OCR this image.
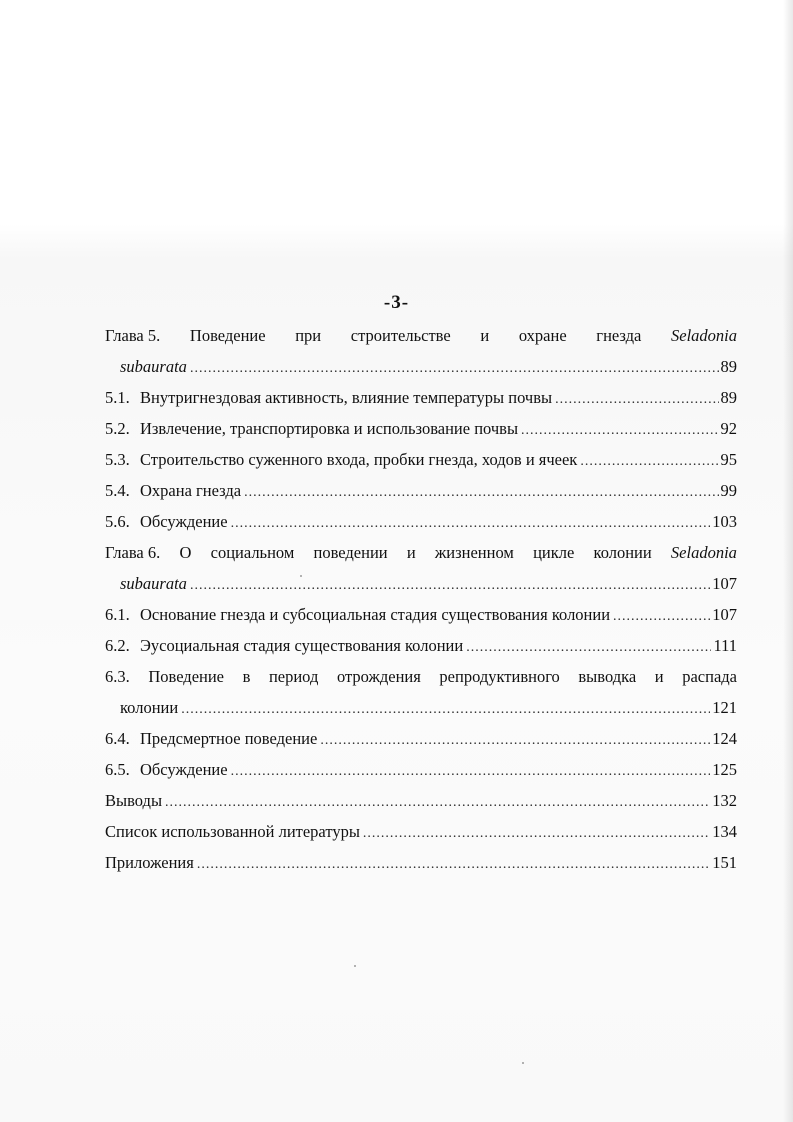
-3-
Глава 5. Поведение при строительстве и охране гнезда Seladonia
subaurata .....	89
5.1. Внутригнездовая активность, влияние температуры почвы .....	89
5.2. Извлечение, транспортировка и использование почвы .....	92
5.3. Строительство суженного входа, пробки гнезда, ходов и ячеек .....	95
5.4. Охрана гнезда .....	99
5.6. Обсуждение .....	103
Глава 6. О социальном поведении и жизненном цикле колонии Seladonia
subaurata .....	107
6.1. Основание гнезда и субсоциальная стадия существования колонии .....	107
6.2. Эусоциальная стадия существования колонии .....	111
6.3. Поведение в период отрождения репродуктивного выводка и распада
колонии .....	121
6.4. Предсмертное поведение .....	124
6.5. Обсуждение .....	125
Выводы .....	132
Список использованной литературы .....	134
Приложения .....	151
